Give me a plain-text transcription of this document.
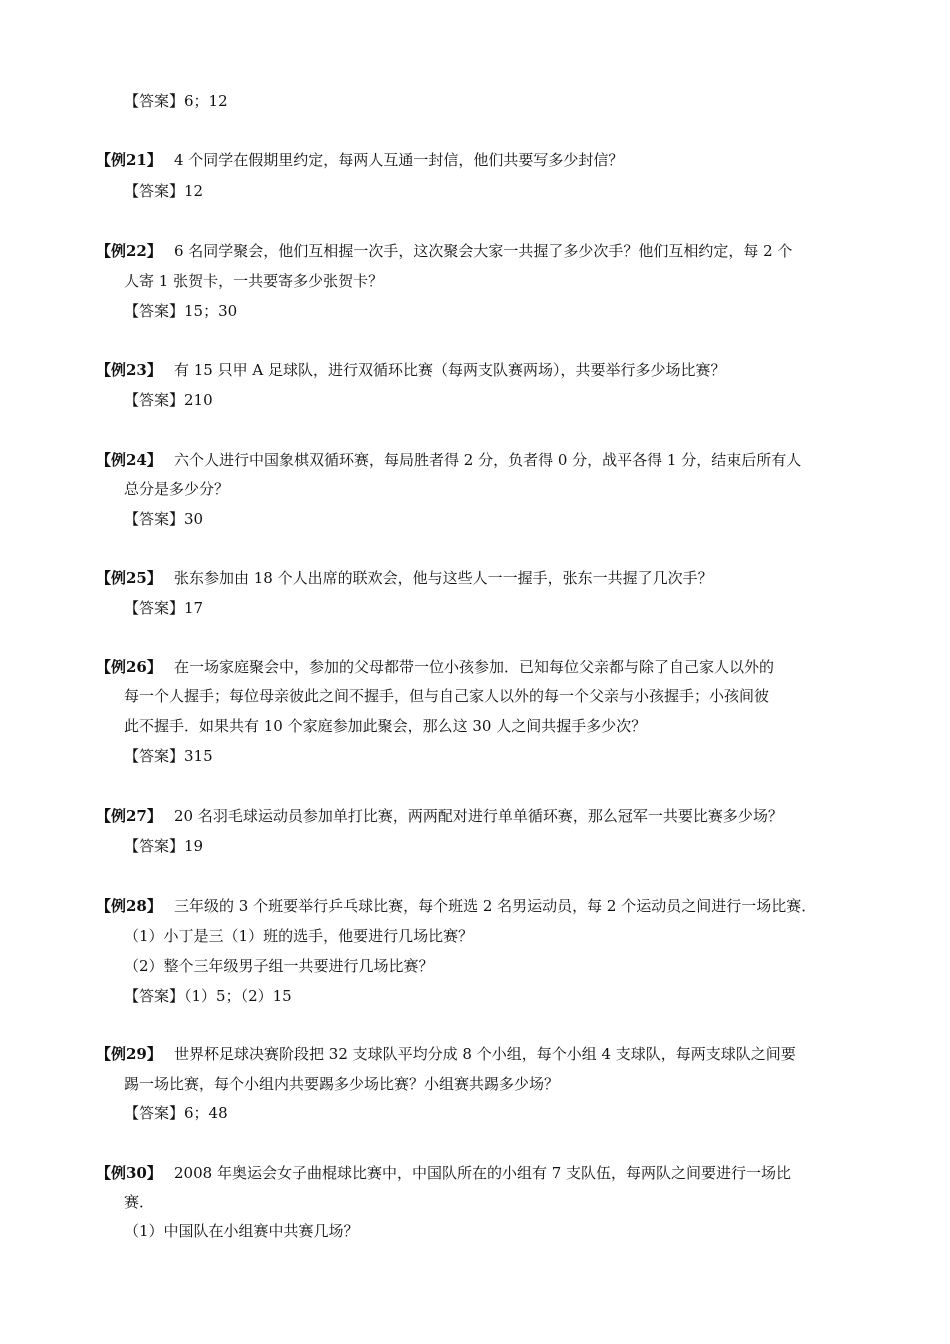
【答案】6；12
【例21】 4 个同学在假期里约定，每两人互通一封信，他们共要写多少封信？
【答案】12
【例22】 6 名同学聚会，他们互相握一次手，这次聚会大家一共握了多少次手？他们互相约定，每 2 个
人寄 1 张贺卡，一共要寄多少张贺卡？
【答案】15；30
【例23】 有 15 只甲 A 足球队，进行双循环比赛（每两支队赛两场），共要举行多少场比赛？
【答案】210
【例24】 六个人进行中国象棋双循环赛，每局胜者得 2 分，负者得 0 分，战平各得 1 分，结束后所有人
总分是多少分？
【答案】30
【例25】 张东参加由 18 个人出席的联欢会，他与这些人一一握手，张东一共握了几次手？
【答案】17
【例26】 在一场家庭聚会中，参加的父母都带一位小孩参加．已知每位父亲都与除了自己家人以外的
每一个人握手；每位母亲彼此之间不握手，但与自己家人以外的每一个父亲与小孩握手；小孩间彼
此不握手．如果共有 10 个家庭参加此聚会，那么这 30 人之间共握手多少次？
【答案】315
【例27】 20 名羽毛球运动员参加单打比赛，两两配对进行单单循环赛，那么冠军一共要比赛多少场？
【答案】19
【例28】 三年级的 3 个班要举行乒乓球比赛，每个班选 2 名男运动员，每 2 个运动员之间进行一场比赛．
（1）小丁是三（1）班的选手，他要进行几场比赛？
（2）整个三年级男子组一共要进行几场比赛？
【答案】（1）5；（2）15
【例29】 世界杯足球决赛阶段把 32 支球队平均分成 8 个小组，每个小组 4 支球队，每两支球队之间要
踢一场比赛，每个小组内共要踢多少场比赛？小组赛共踢多少场？
【答案】6；48
【例30】 2008 年奥运会女子曲棍球比赛中，中国队所在的小组有 7 支队伍，每两队之间要进行一场比
赛．
（1）中国队在小组赛中共赛几场？
